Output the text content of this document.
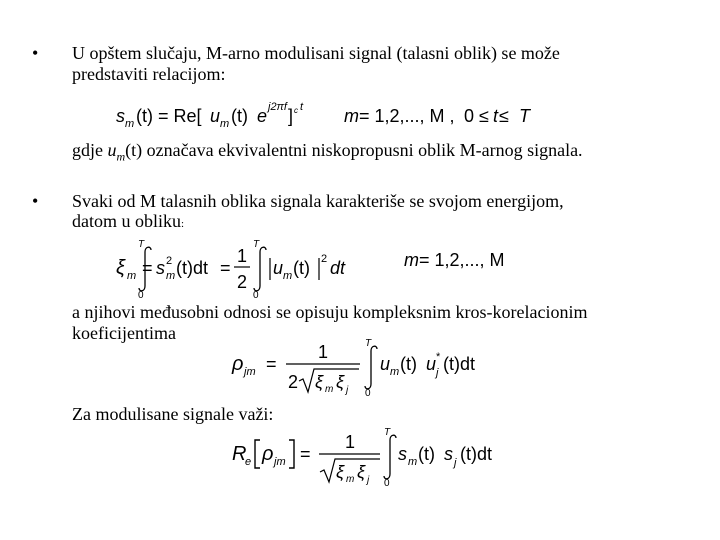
• U opštem slučaju, M-arno modulisani signal (talasni oblik) se može
predstaviti relacijom:
s m (t) = Re[ u m (t) e j2πf c t
]	m = 1,2,..., M , 0 ≤ t ≤ T
gdje $u_m(t)$ označava ekvivalentni niskopropusni oblik M-arnog signala.
• Svaki od M talasnih oblika signala karakteriše se svojom energijom,
datom u obliku:
ξ m =
T
0
s 2
m (t)dt =
1
2
T
0
u m (t) 2 dt	m = 1,2,..., M
a njihovi međusobni odnosi se opisuju kompleksnim kros-korelacionim
koeficijentima
ρ jm =
1
2 ξ m ξ j
T
0
u m (t) u *
j (t)dt
Za modulisane signale važi:
R
e ρ jm =
1
ξ m ξ j
T
0
s m (t) s j (t)dt
